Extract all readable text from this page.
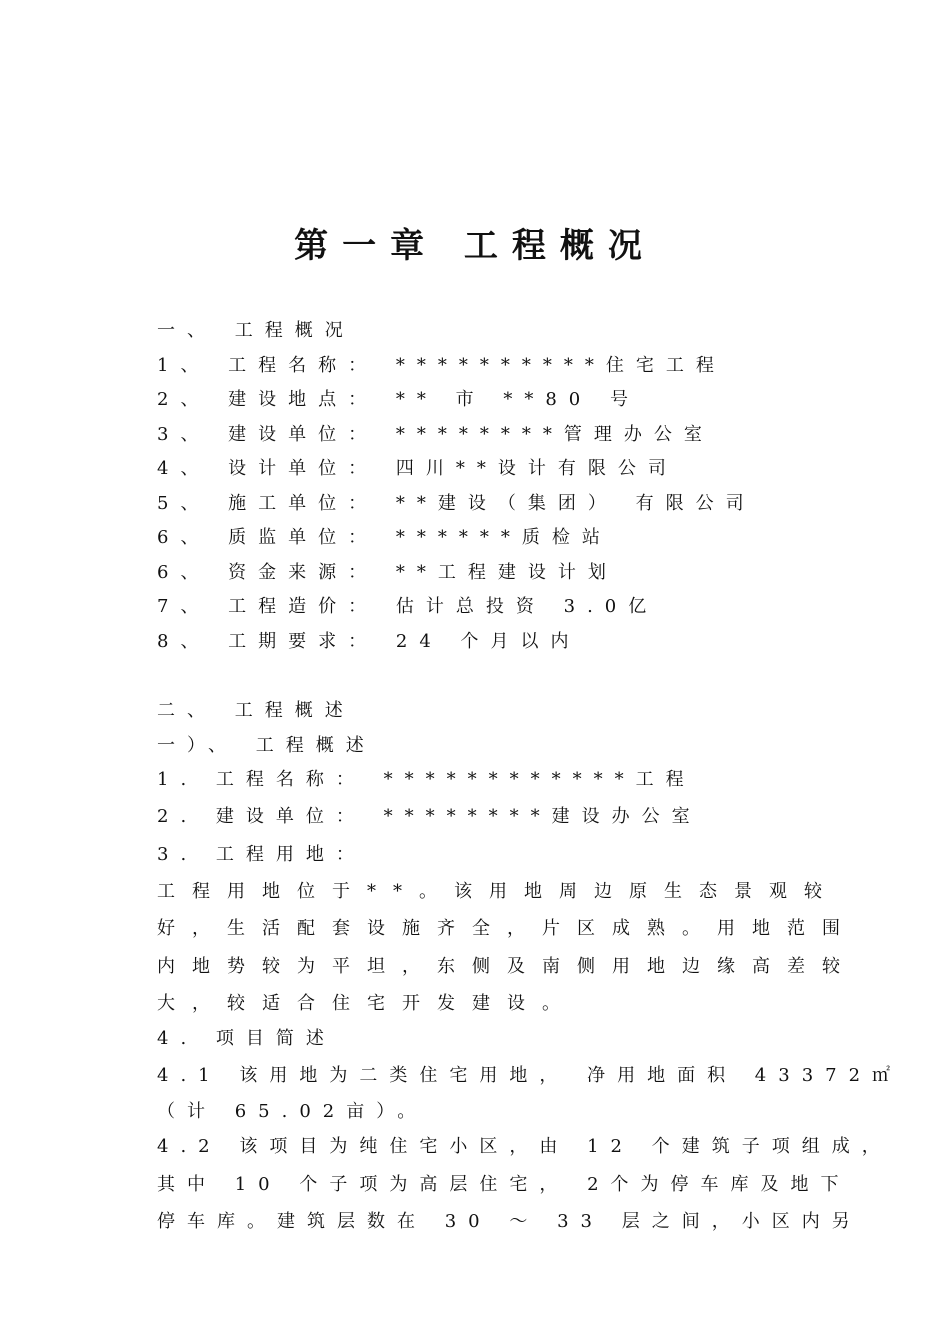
第一章 工程概况
一、 工程概况
1、 工程名称： **********住宅工程
2、 建设地点： ** 市 **80 号
3、 建设单位： ********管理办公室
4、 设计单位： 四川**设计有限公司
5、 施工单位： **建设（集团） 有限公司
6、 质监单位： ******质检站
6、 资金来源： **工程建设计划
7、 工程造价： 估计总投资 3.0亿
8、 工期要求： 24 个月以内
二、 工程概述
一）、 工程概述
1. 工程名称： ************工程
2. 建设单位： ********建设办公室
3. 工程用地：
工程用地位于**。该用地周边原生态景观较
好，生活配套设施齐全，片区成熟。用地范围
内地势较为平坦，东侧及南侧用地边缘高差较
大，较适合住宅开发建设。
4. 项目简述
4.1 该用地为二类住宅用地， 净用地面积 43372㎡
（计 65.02亩）。
4.2 该项目为纯住宅小区，由 12 个建筑子项组成，
其中 10 个子项为高层住宅， 2个为停车库及地下
停车库。建筑层数在 30 ～ 33 层之间，小区内另
